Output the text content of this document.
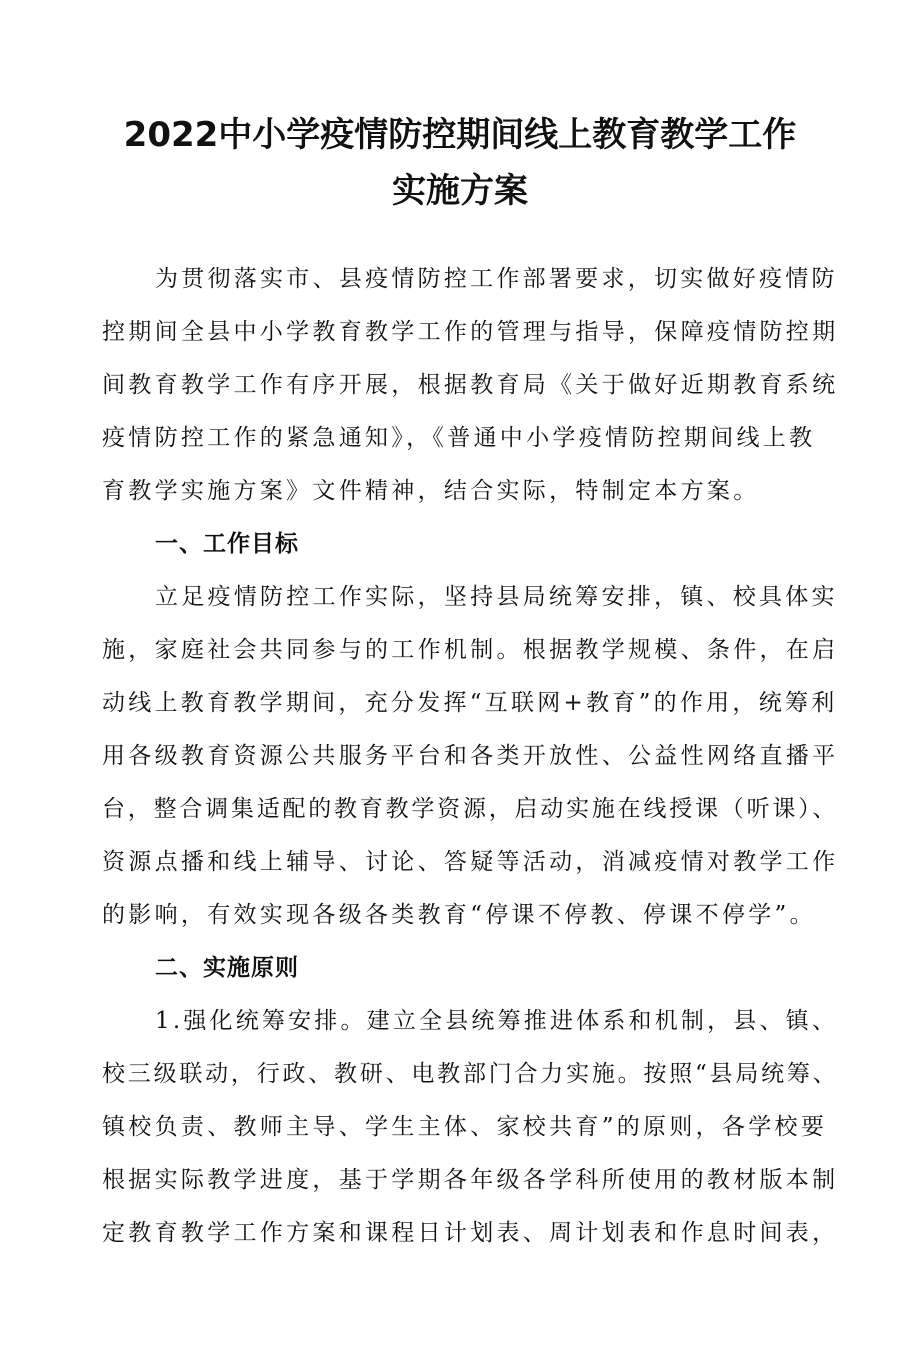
2022中小学疫情防控期间线上教育教学工作
实施方案
为贯彻落实市、县疫情防控工作部署要求，切实做好疫情防
控期间全县中小学教育教学工作的管理与指导，保障疫情防控期
间教育教学工作有序开展，根据教育局《关于做好近期教育系统
疫情防控工作的紧急通知》，《普通中小学疫情防控期间线上教
育教学实施方案》文件精神，结合实际，特制定本方案。
一、工作目标
立足疫情防控工作实际，坚持县局统筹安排，镇、校具体实
施，家庭社会共同参与的工作机制。根据教学规模、条件，在启
动线上教育教学期间，充分发挥“互联网+教育”的作用，统筹利
用各级教育资源公共服务平台和各类开放性、公益性网络直播平
台，整合调集适配的教育教学资源，启动实施在线授课（听课）、
资源点播和线上辅导、讨论、答疑等活动，消减疫情对教学工作
的影响，有效实现各级各类教育“停课不停教、停课不停学”。
二、实施原则
1.强化统筹安排。建立全县统筹推进体系和机制，县、镇、
校三级联动，行政、教研、电教部门合力实施。按照“县局统筹、
镇校负责、教师主导、学生主体、家校共育”的原则，各学校要
根据实际教学进度，基于学期各年级各学科所使用的教材版本制
定教育教学工作方案和课程日计划表、周计划表和作息时间表，
